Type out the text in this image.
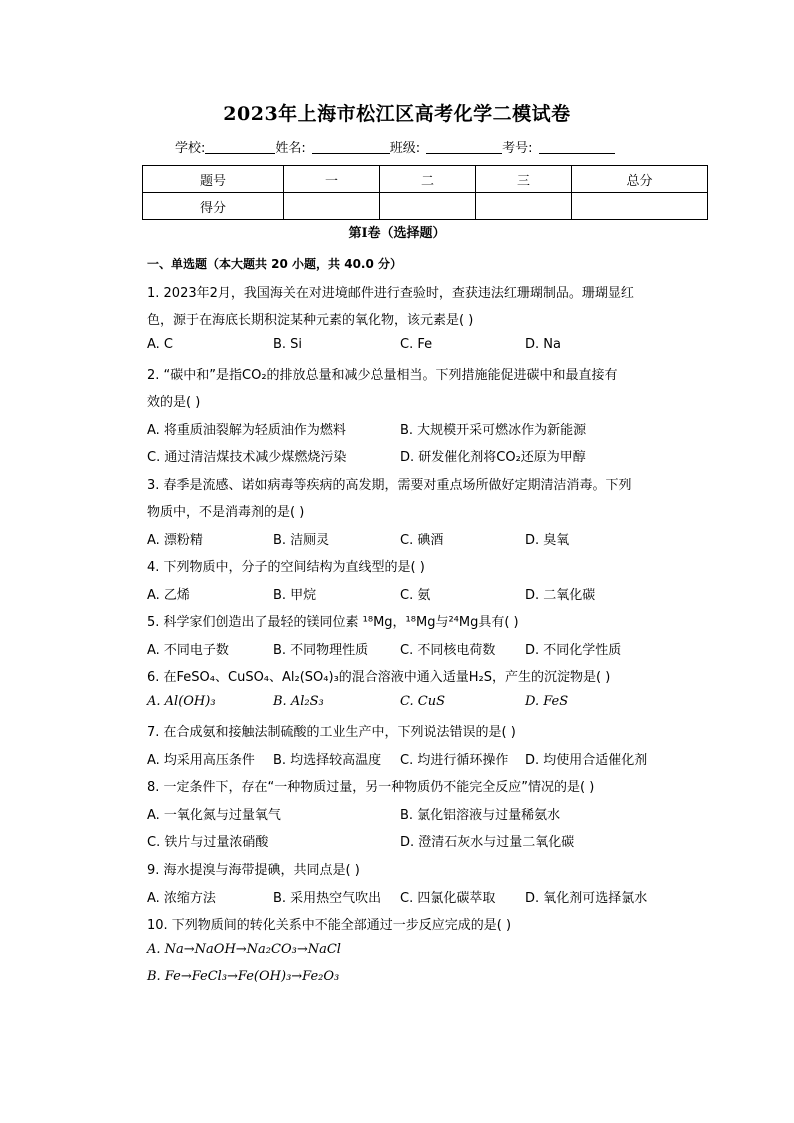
2023年上海市松江区高考化学二模试卷
学校:	姓名:	班级:	考号:
题号	一	二	三	总分
得分				
第Ⅰ卷（选择题）
一、单选题（本大题共 20 小题，共 40.0 分）
1. 2023年2月，我国海关在对进境邮件进行查验时，查获违法红珊瑚制品。珊瑚显红
色，源于在海底长期积淀某种元素的氧化物，该元素是( )
A. C	B. Si	C. Fe	D. Na
2. “碳中和”是指CO₂的排放总量和减少总量相当。下列措施能促进碳中和最直接有
效的是( )
A. 将重质油裂解为轻质油作为燃料	B. 大规模开采可燃冰作为新能源
C. 通过清洁煤技术减少煤燃烧污染	D. 研发催化剂将CO₂还原为甲醇
3. 春季是流感、诺如病毒等疾病的高发期，需要对重点场所做好定期清洁消毒。下列
物质中，不是消毒剂的是( )
A. 漂粉精	B. 洁厕灵	C. 碘酒	D. 臭氧
4. 下列物质中，分子的空间结构为直线型的是( )
A. 乙烯	B. 甲烷	C. 氨	D. 二氧化碳
5. 科学家们创造出了最轻的镁同位素 ¹⁸Mg，¹⁸Mg与²⁴Mg具有( )
A. 不同电子数	B. 不同物理性质 C. 不同核电荷数 D. 不同化学性质
6. 在FeSO₄、CuSO₄、Al₂(SO₄)₃的混合溶液中通入适量H₂S，产生的沉淀物是( )
A. Al(OH)₃	B. Al₂S₃	C. CuS	D. FeS
7. 在合成氨和接触法制硫酸的工业生产中，下列说法错误的是( )
A. 均采用高压条件 B. 均选择较高温度 C. 均进行循环操作 D. 均使用合适催化剂
8. 一定条件下，存在“一种物质过量，另一种物质仍不能完全反应”情况的是( )
A. 一氧化氮与过量氧气	B. 氯化铝溶液与过量稀氨水
C. 铁片与过量浓硝酸	D. 澄清石灰水与过量二氧化碳
9. 海水提溴与海带提碘，共同点是( )
A. 浓缩方法	B. 采用热空气吹出 C. 四氯化碳萃取 D. 氧化剂可选择氯水
10. 下列物质间的转化关系中不能全部通过一步反应完成的是( )
A. Na→NaOH→Na₂CO₃→NaCl
B. Fe→FeCl₃→Fe(OH)₃→Fe₂O₃
